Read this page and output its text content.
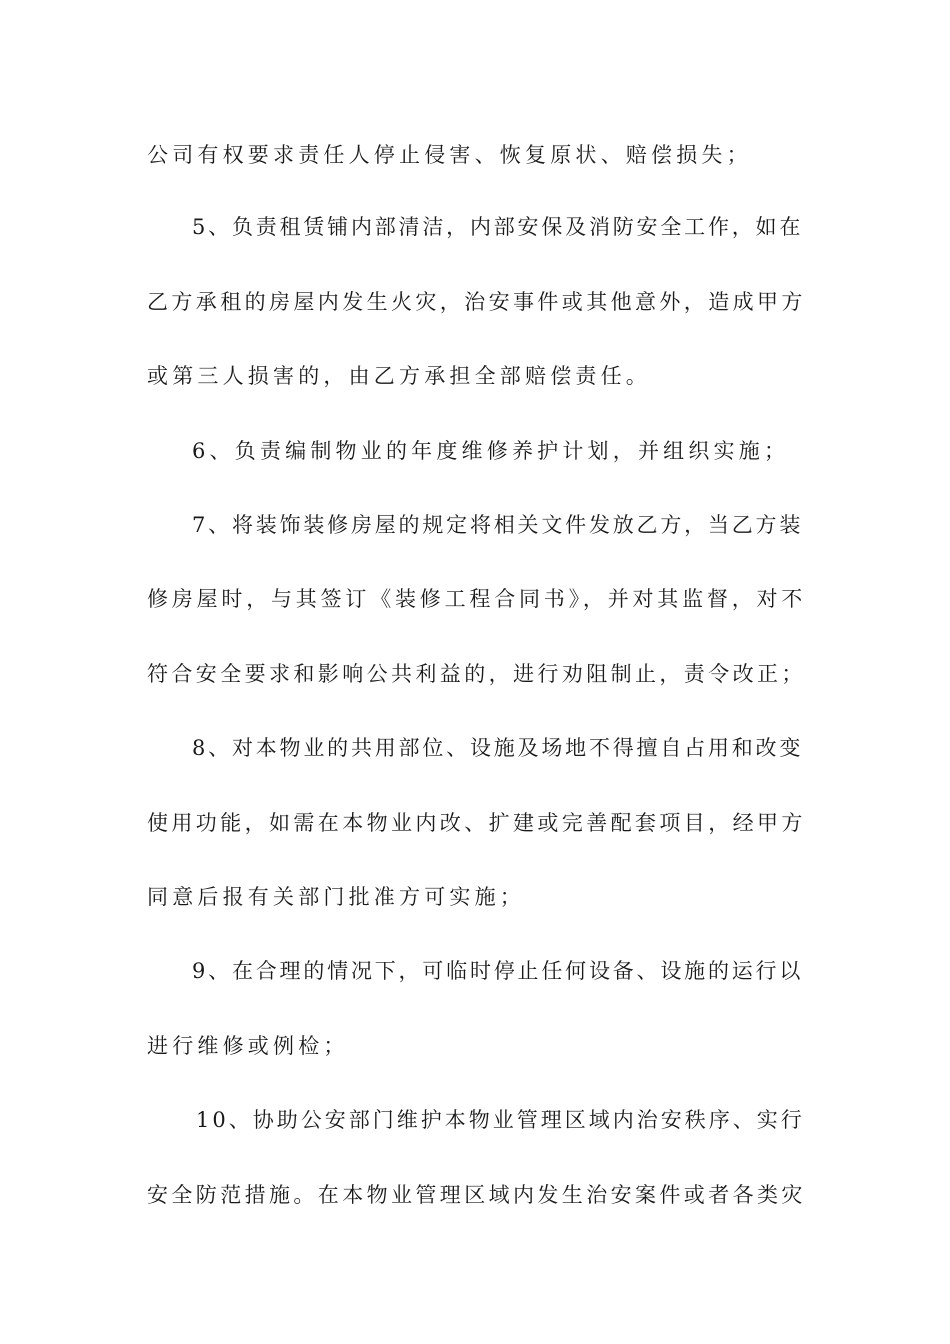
公司有权要求责任人停止侵害、恢复原状、赔偿损失；
5、负责租赁铺内部清洁，内部安保及消防安全工作，如在
乙方承租的房屋内发生火灾，治安事件或其他意外，造成甲方
或第三人损害的，由乙方承担全部赔偿责任。
6、负责编制物业的年度维修养护计划，并组织实施；
7、将装饰装修房屋的规定将相关文件发放乙方，当乙方装
修房屋时，与其签订《装修工程合同书》，并对其监督，对不
符合安全要求和影响公共利益的，进行劝阻制止，责令改正；
8、对本物业的共用部位、设施及场地不得擅自占用和改变
使用功能，如需在本物业内改、扩建或完善配套项目，经甲方
同意后报有关部门批准方可实施；
9、在合理的情况下，可临时停止任何设备、设施的运行以
进行维修或例检；
10、协助公安部门维护本物业管理区域内治安秩序、实行
安全防范措施。在本物业管理区域内发生治安案件或者各类灾
